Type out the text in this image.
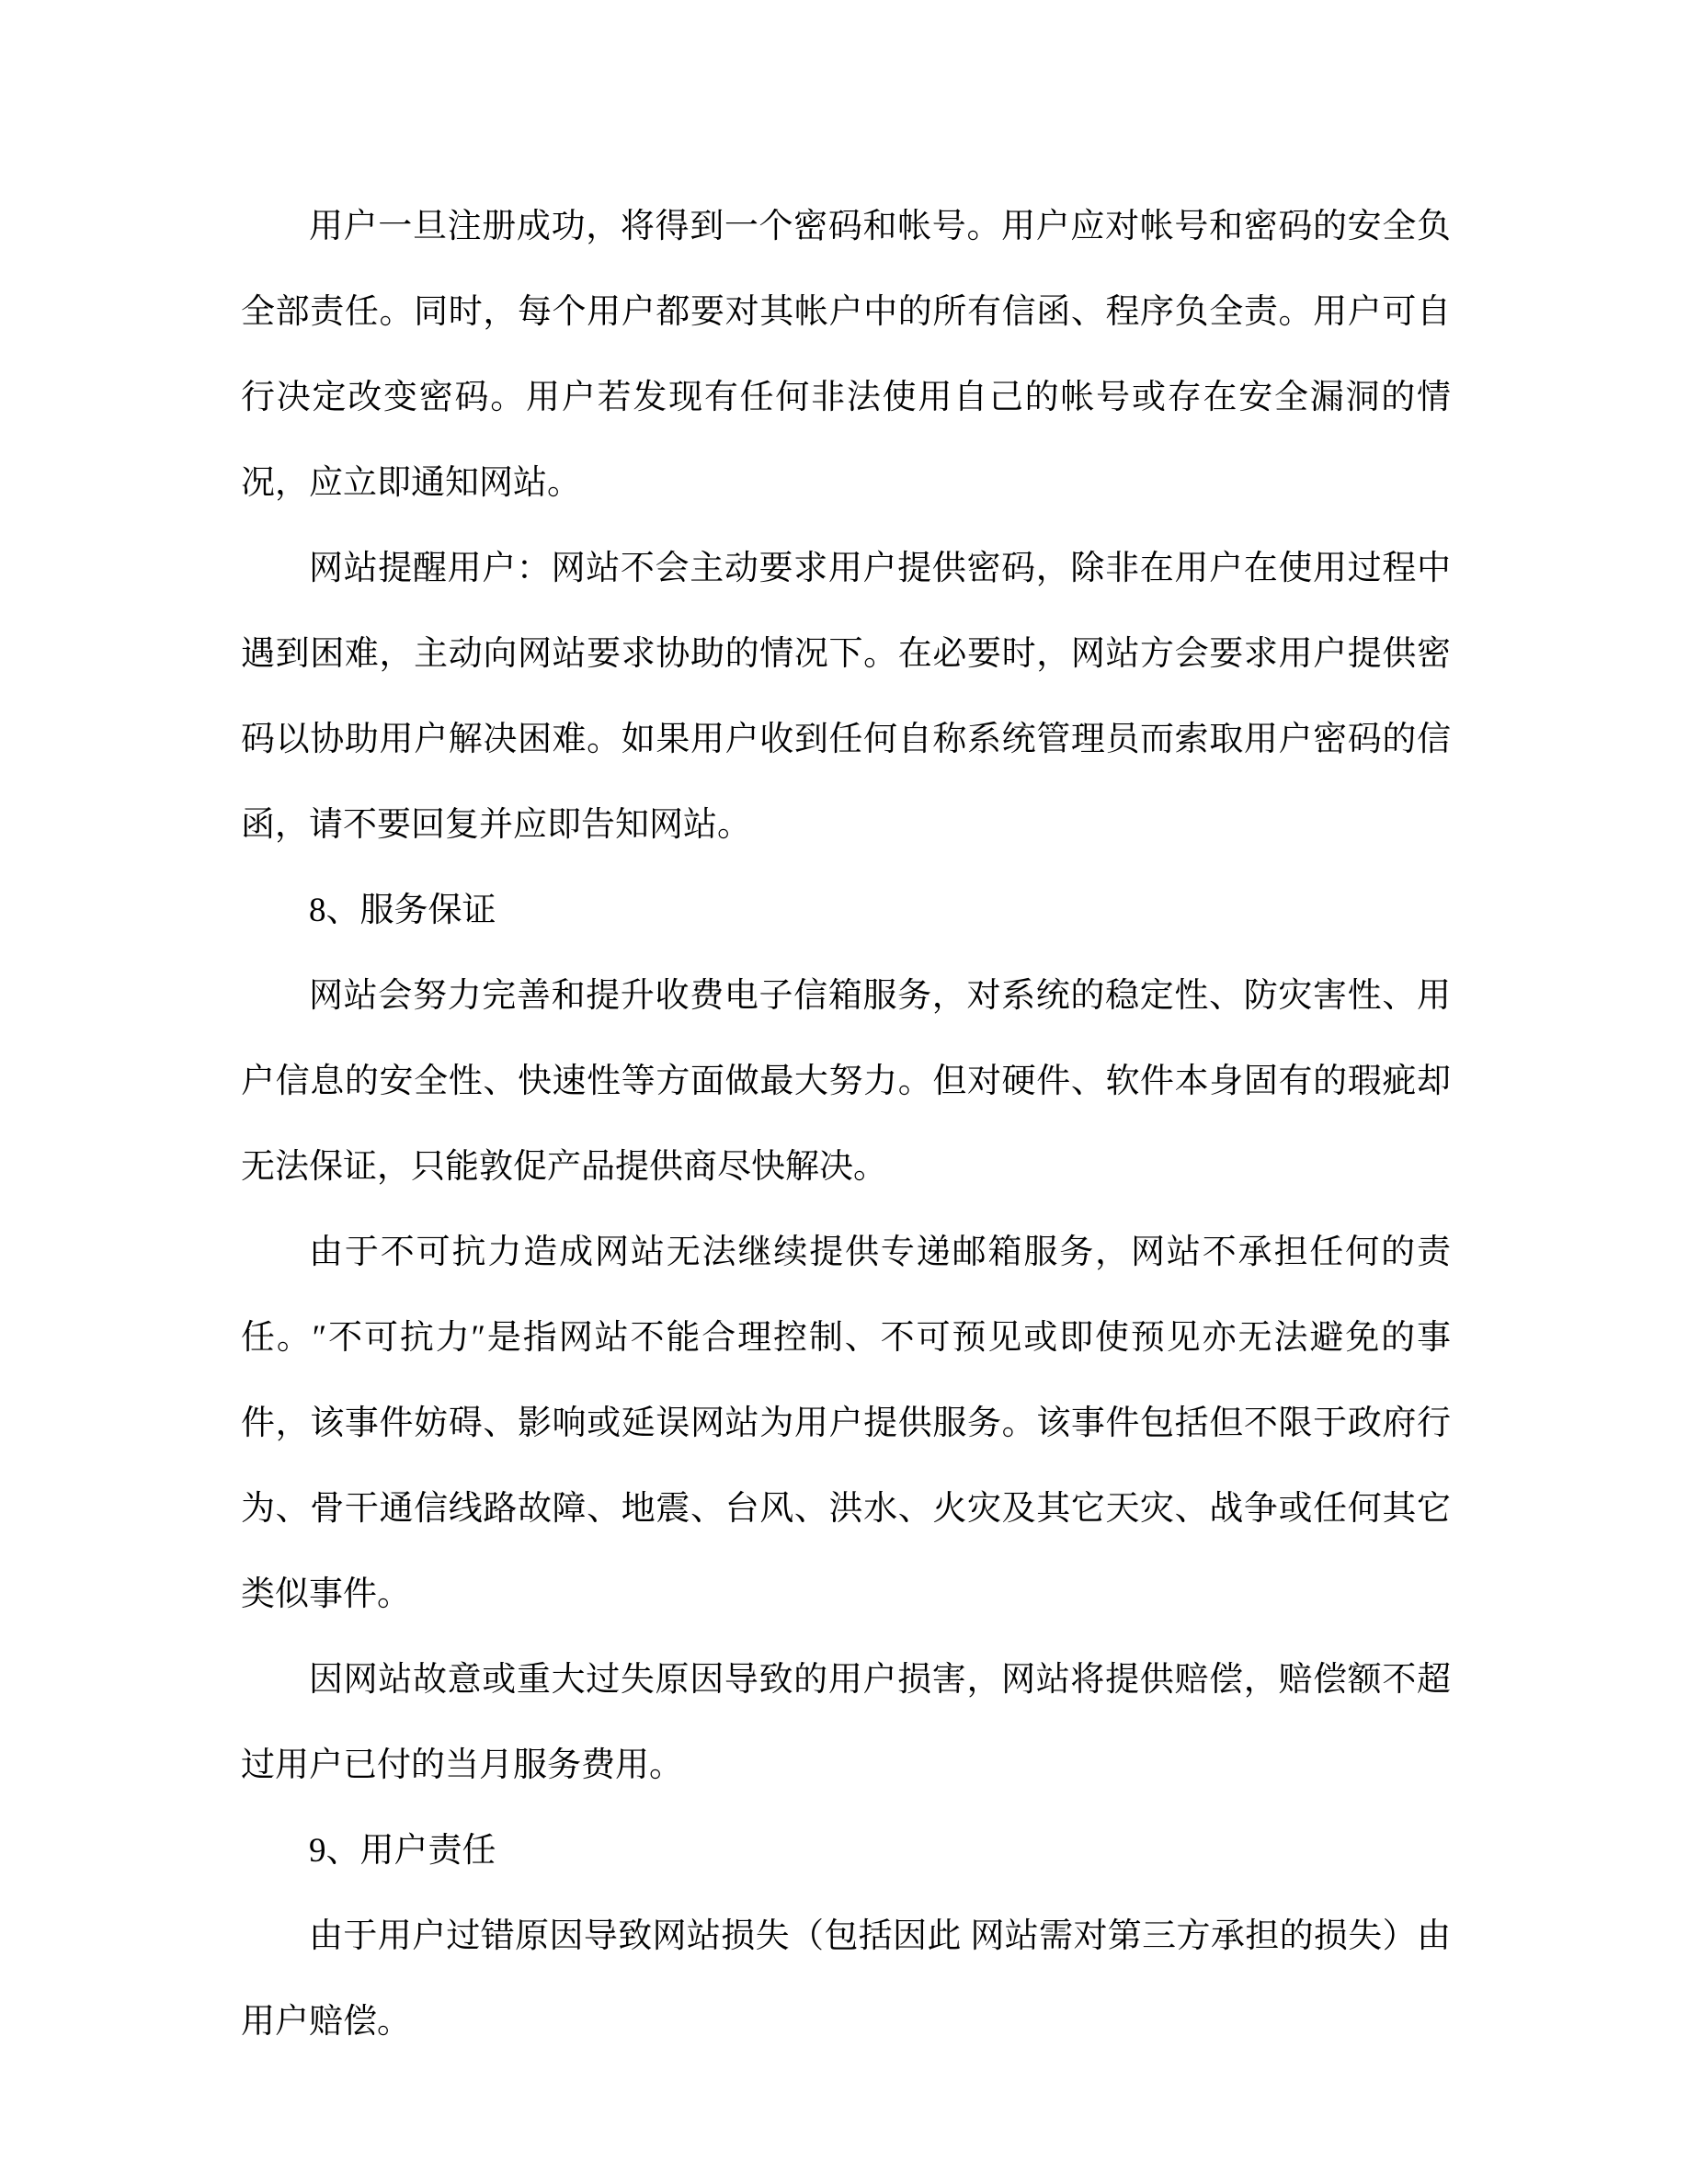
用户一旦注册成功，将得到一个密码和帐号。用户应对帐号和密码的安全负全部责任。同时，每个用户都要对其帐户中的所有信函、程序负全责。用户可自行决定改变密码。用户若发现有任何非法使用自己的帐号或存在安全漏洞的情况，应立即通知网站。

网站提醒用户：网站不会主动要求用户提供密码，除非在用户在使用过程中遇到困难，主动向网站要求协助的情况下。在必要时，网站方会要求用户提供密码以协助用户解决困难。如果用户收到任何自称系统管理员而索取用户密码的信函，请不要回复并应即告知网站。

8、服务保证

网站会努力完善和提升收费电子信箱服务，对系统的稳定性、防灾害性、用户信息的安全性、快速性等方面做最大努力。但对硬件、软件本身固有的瑕疵却无法保证，只能敦促产品提供商尽快解决。

由于不可抗力造成网站无法继续提供专递邮箱服务，网站不承担任何的责任。″不可抗力″是指网站不能合理控制、不可预见或即使预见亦无法避免的事件，该事件妨碍、影响或延误网站为用户提供服务。该事件包括但不限于政府行为、骨干通信线路故障、地震、台风、洪水、火灾及其它天灾、战争或任何其它类似事件。

因网站故意或重大过失原因导致的用户损害，网站将提供赔偿，赔偿额不超过用户已付的当月服务费用。

9、用户责任

由于用户过错原因导致网站损失（包括因此 网站需对第三方承担的损失）由用户赔偿。
